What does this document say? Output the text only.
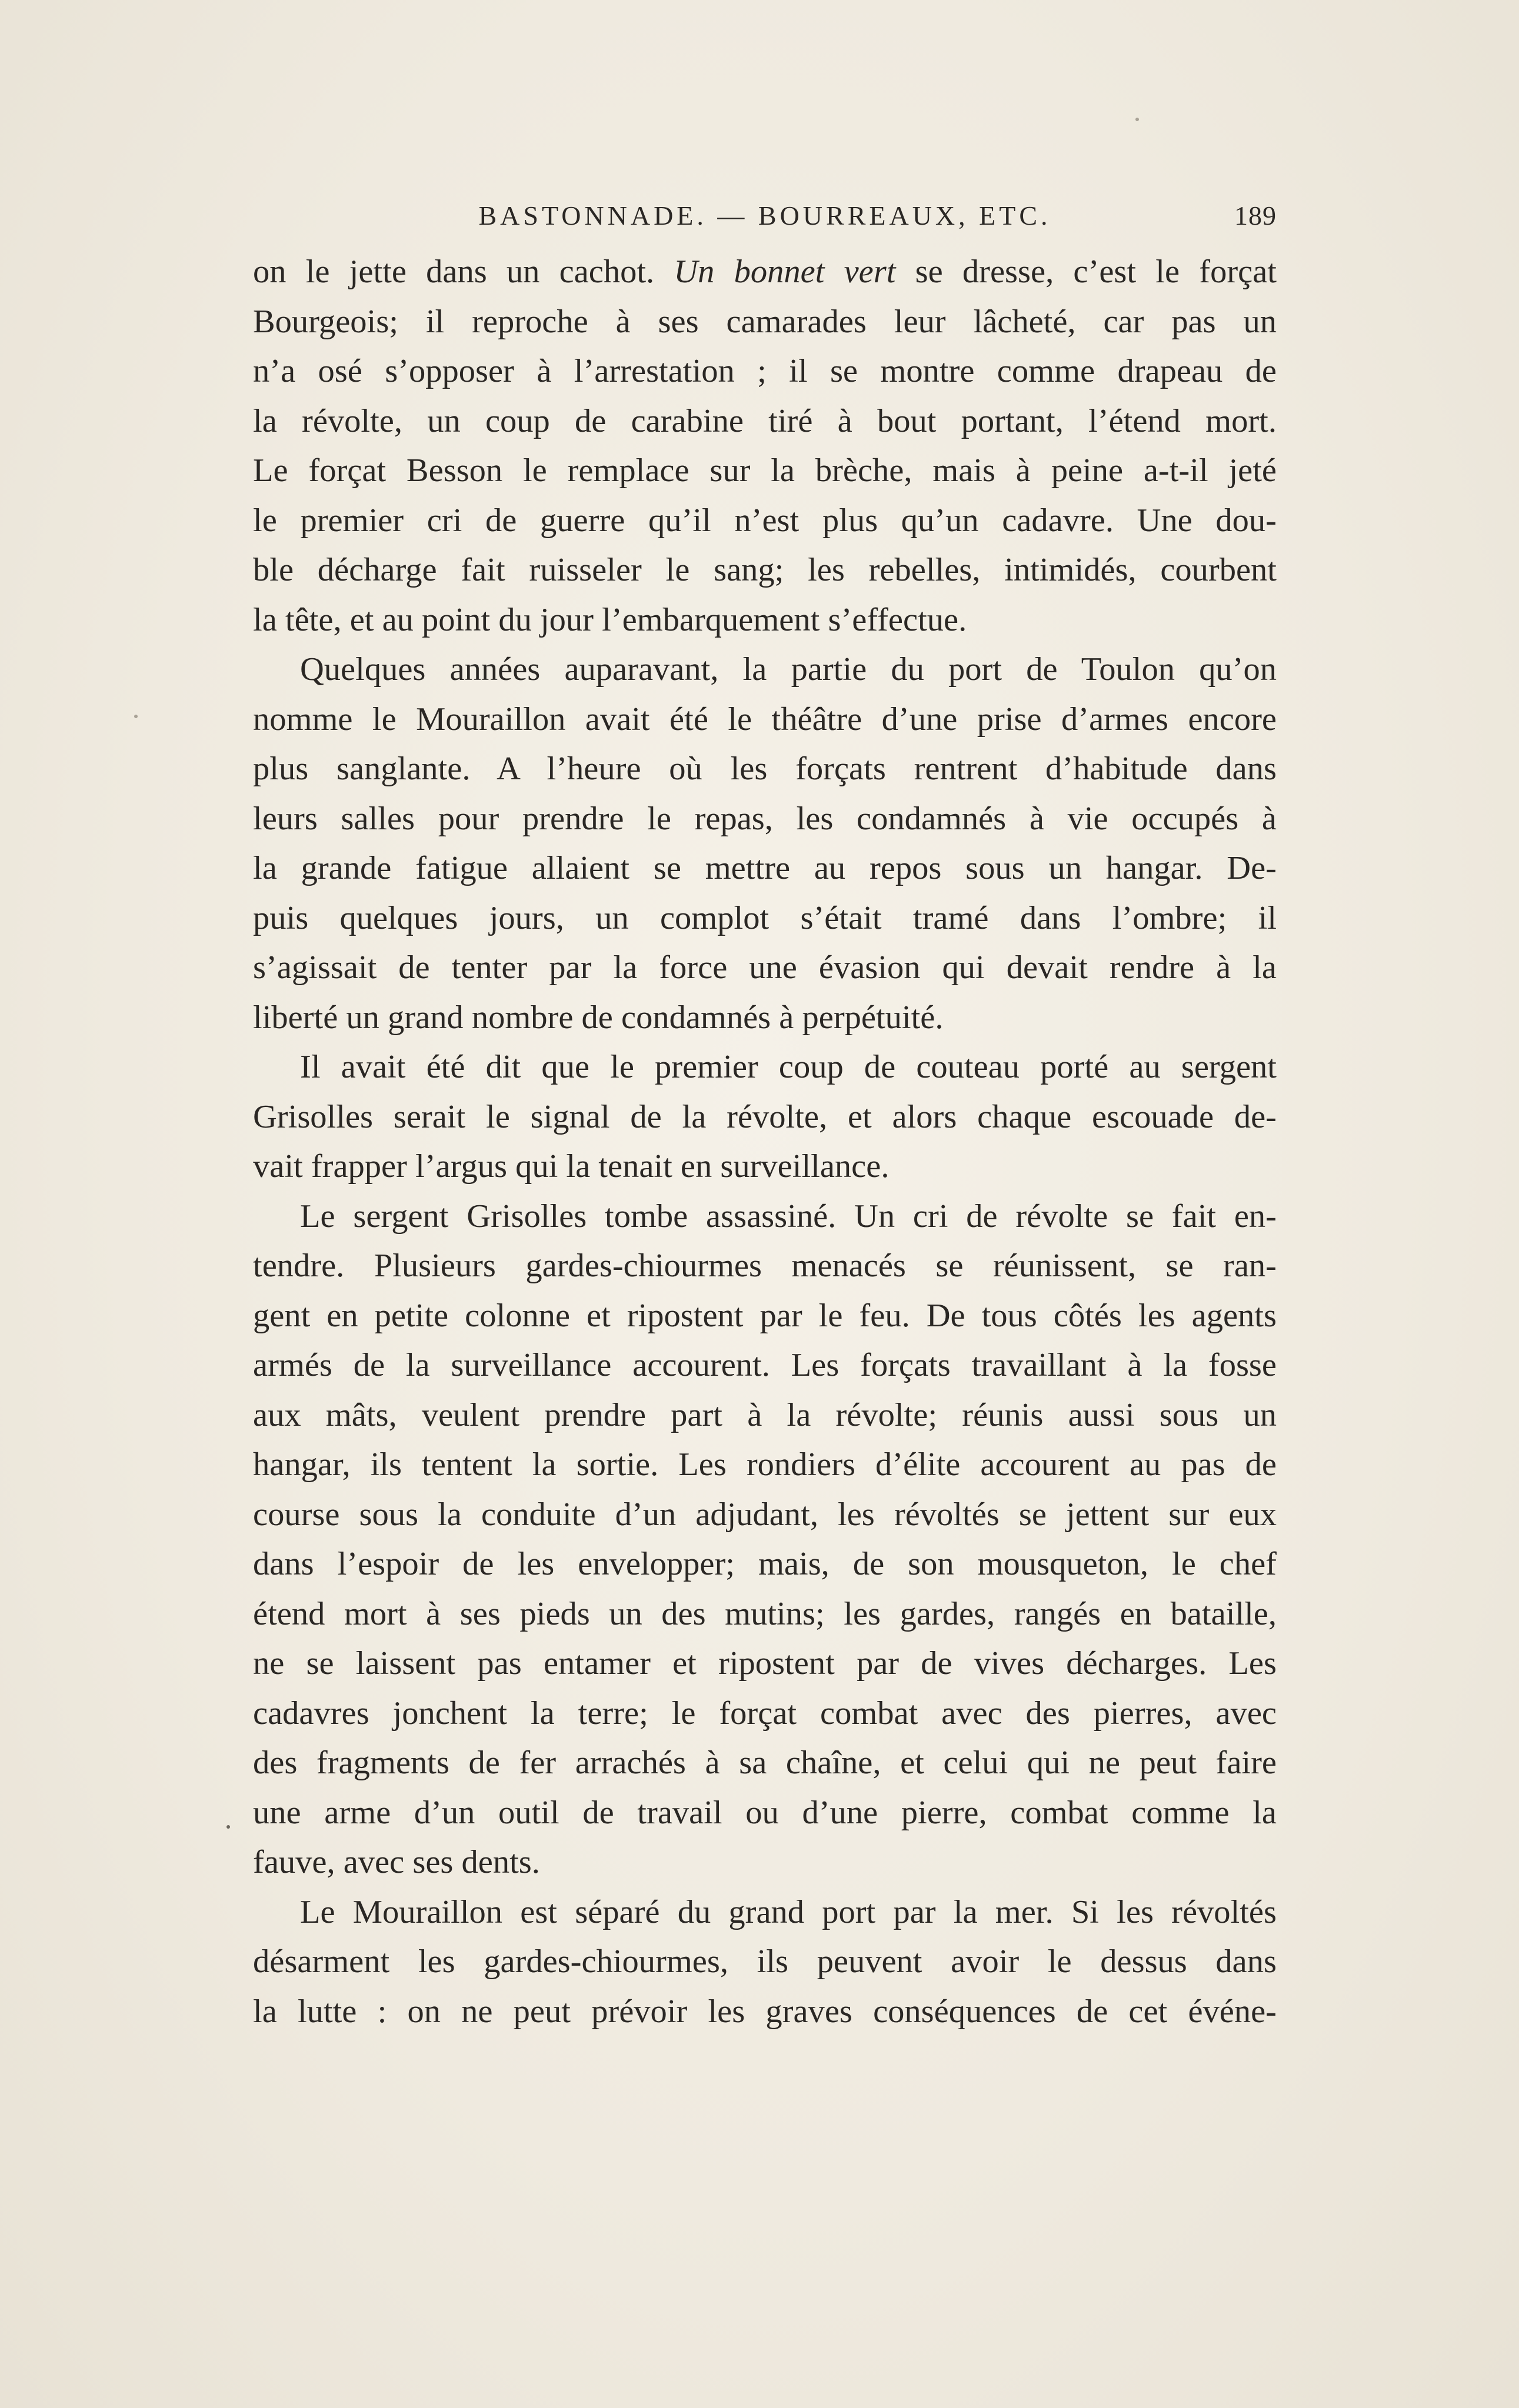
BASTONNADE. — BOURREAUX, ETC.	189
on le jette dans un cachot. Un bonnet vert se dresse, c’est le forçat
Bourgeois; il reproche à ses camarades leur lâcheté, car pas un
n’a osé s’opposer à l’arrestation ; il se montre comme drapeau de
la révolte, un coup de carabine tiré à bout portant, l’étend mort.
Le forçat Besson le remplace sur la brèche, mais à peine a-t-il jeté
le premier cri de guerre qu’il n’est plus qu’un cadavre. Une dou-
ble décharge fait ruisseler le sang; les rebelles, intimidés, courbent
la tête, et au point du jour l’embarquement s’effectue.
Quelques années auparavant, la partie du port de Toulon qu’on
nomme le Mouraillon avait été le théâtre d’une prise d’armes encore
plus sanglante. A l’heure où les forçats rentrent d’habitude dans
leurs salles pour prendre le repas, les condamnés à vie occupés à
la grande fatigue allaient se mettre au repos sous un hangar. De-
puis quelques jours, un complot s’était tramé dans l’ombre; il
s’agissait de tenter par la force une évasion qui devait rendre à la
liberté un grand nombre de condamnés à perpétuité.
Il avait été dit que le premier coup de couteau porté au sergent
Grisolles serait le signal de la révolte, et alors chaque escouade de-
vait frapper l’argus qui la tenait en surveillance.
Le sergent Grisolles tombe assassiné. Un cri de révolte se fait en-
tendre. Plusieurs gardes-chiourmes menacés se réunissent, se ran-
gent en petite colonne et ripostent par le feu. De tous côtés les agents
armés de la surveillance accourent. Les forçats travaillant à la fosse
aux mâts, veulent prendre part à la révolte; réunis aussi sous un
hangar, ils tentent la sortie. Les rondiers d’élite accourent au pas de
course sous la conduite d’un adjudant, les révoltés se jettent sur eux
dans l’espoir de les envelopper; mais, de son mousqueton, le chef
étend mort à ses pieds un des mutins; les gardes, rangés en bataille,
ne se laissent pas entamer et ripostent par de vives décharges. Les
cadavres jonchent la terre; le forçat combat avec des pierres, avec
des fragments de fer arrachés à sa chaîne, et celui qui ne peut faire
une arme d’un outil de travail ou d’une pierre, combat comme la
fauve, avec ses dents.
Le Mouraillon est séparé du grand port par la mer. Si les révoltés
désarment les gardes-chiourmes, ils peuvent avoir le dessus dans
la lutte : on ne peut prévoir les graves conséquences de cet événe-
